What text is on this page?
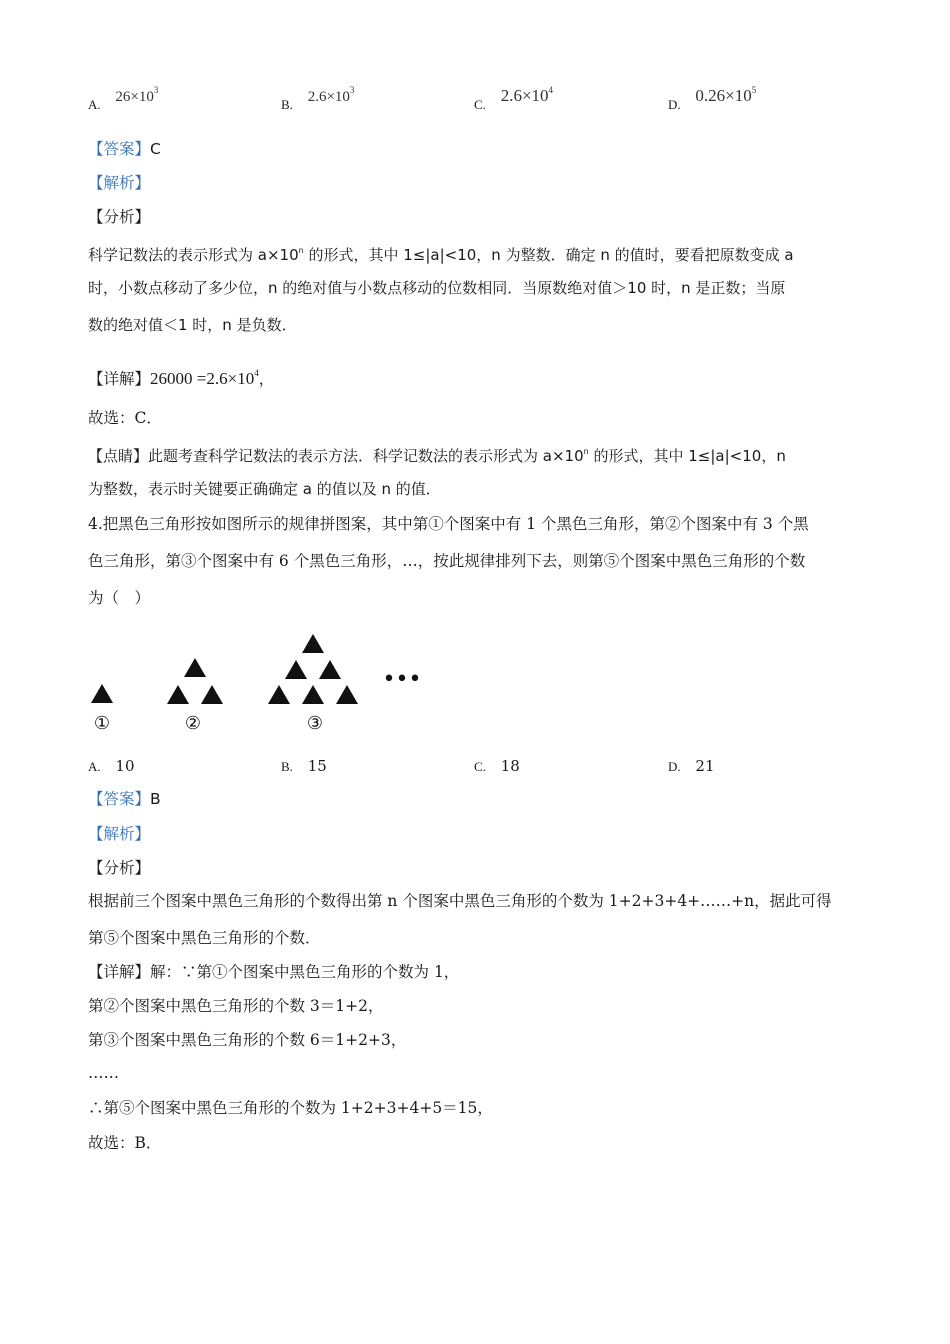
A. $26\times 10^3$
B. $2.6\times 10^3$
C. $2.6\times 10^4$
D. $0.26\times 10^5$
【答案】C
【解析】
【分析】
科学记数法的表示形式为 $a\times 10^n$ 的形式，其中 1≤|a|<10，n 为整数．确定 n 的值时，要看把原数变成 a
时，小数点移动了多少位，n 的绝对值与小数点移动的位数相同．当原数绝对值＞10 时，n 是正数；当原
数的绝对值＜1 时，n 是负数．
【详解】$26000 =2.6\times 10^4$，
故选：C．
【点睛】此题考查科学记数法的表示方法．科学记数法的表示形式为 $a\times 10^n$ 的形式，其中 1≤|a|<10，n
为整数，表示时关键要正确确定 a 的值以及 n 的值．
4.把黑色三角形按如图所示的规律拼图案，其中第①个图案中有 1 个黑色三角形，第②个图案中有 3 个黑
色三角形，第③个图案中有 6 个黑色三角形，…，按此规律排列下去，则第⑤个图案中黑色三角形的个数
为（　）
①	②	③
•••
A. 10	B. 15	C. 18	D. 21
【答案】B
【解析】
【分析】
根据前三个图案中黑色三角形的个数得出第 n 个图案中黑色三角形的个数为 1+2+3+4+……+n，据此可得
第⑤个图案中黑色三角形的个数．
【详解】解：∵第①个图案中黑色三角形的个数为 1，
第②个图案中黑色三角形的个数 3＝1+2，
第③个图案中黑色三角形的个数 6＝1+2+3，
……
∴第⑤个图案中黑色三角形的个数为 1+2+3+4+5＝15，
故选：B．
